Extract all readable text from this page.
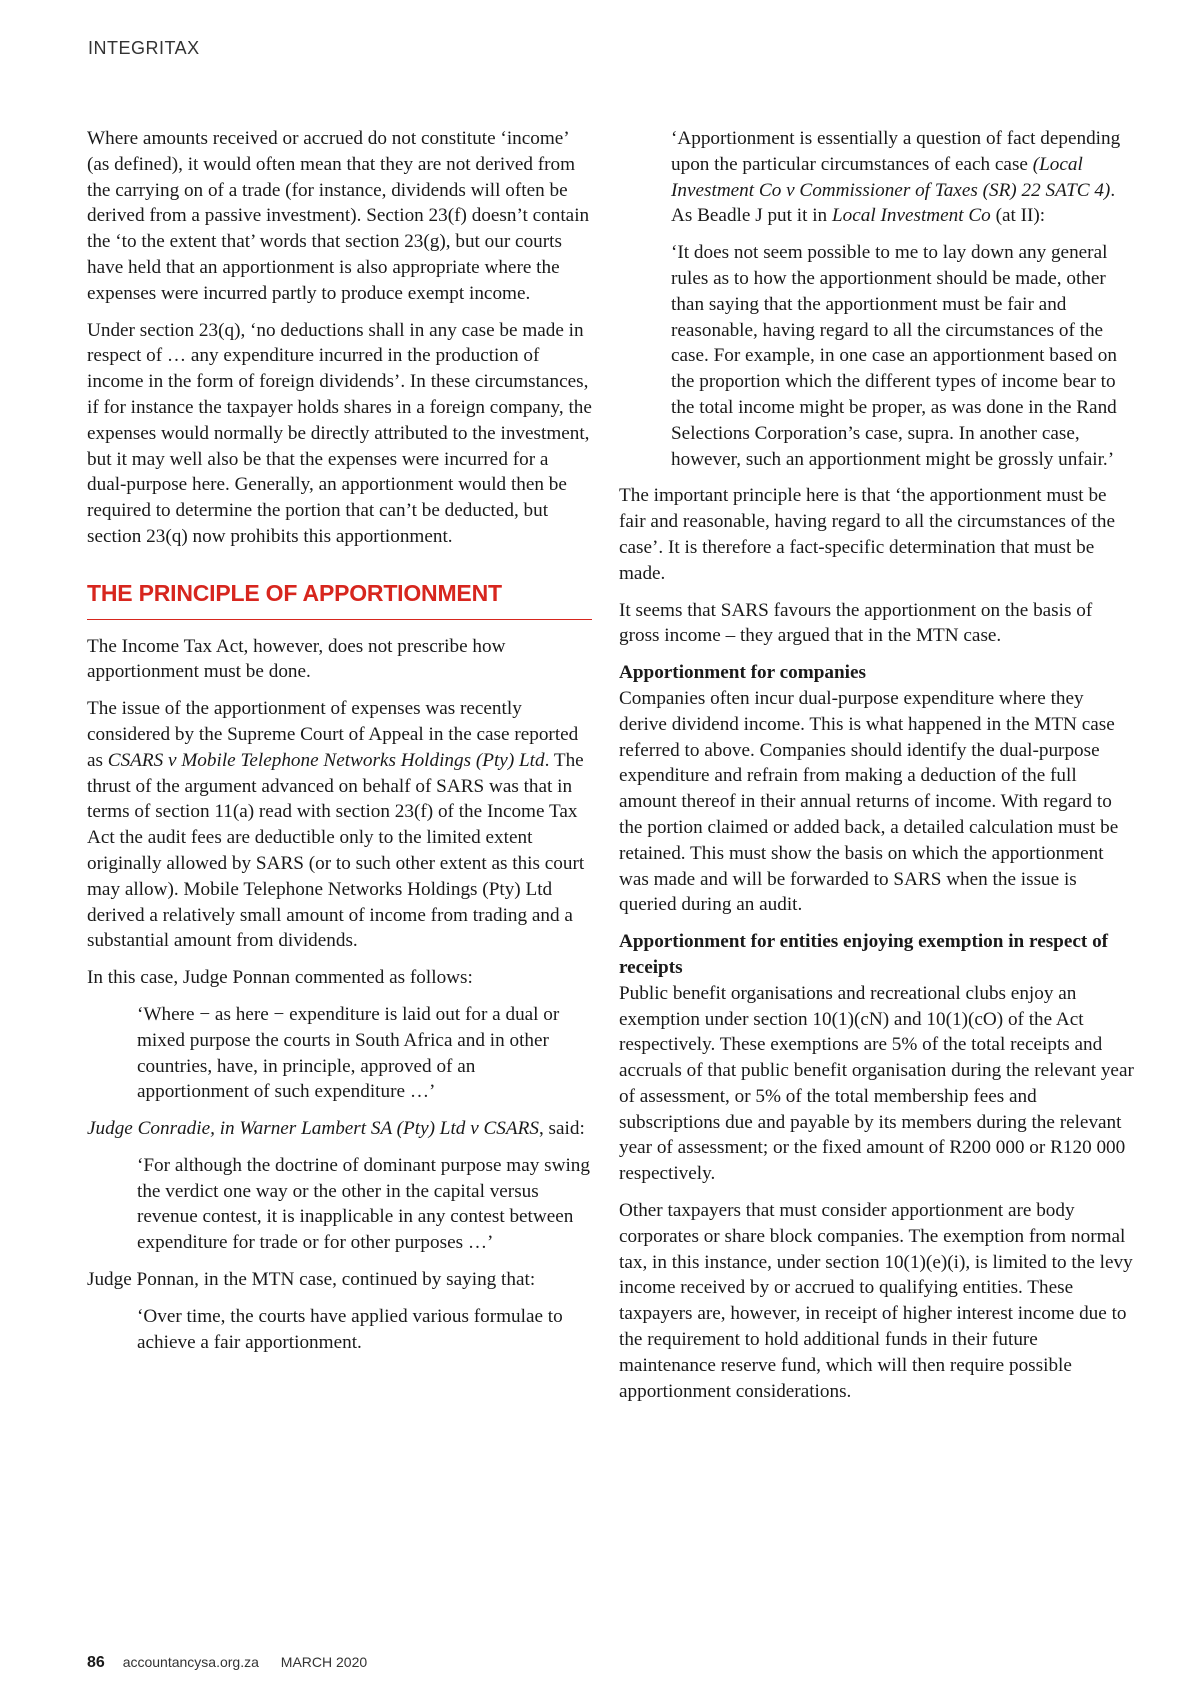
INTEGRITAX

Where amounts received or accrued do not constitute ‘income’ (as defined), it would often mean that they are not derived from the carrying on of a trade (for instance, dividends will often be derived from a passive investment). Section 23(f) doesn’t contain the ‘to the extent that’ words that section 23(g), but our courts have held that an apportionment is also appropriate where the expenses were incurred partly to produce exempt income.

Under section 23(q), ‘no deductions shall in any case be made in respect of … any expenditure incurred in the production of income in the form of foreign dividends’. In these circumstances, if for instance the taxpayer holds shares in a foreign company, the expenses would normally be directly attributed to the investment, but it may well also be that the expenses were incurred for a dual-purpose here. Generally, an apportionment would then be required to determine the portion that can’t be deducted, but section 23(q) now prohibits this apportionment.

THE PRINCIPLE OF APPORTIONMENT

The Income Tax Act, however, does not prescribe how apportionment must be done.

The issue of the apportionment of expenses was recently considered by the Supreme Court of Appeal in the case reported as CSARS v Mobile Telephone Networks Holdings (Pty) Ltd. The thrust of the argument advanced on behalf of SARS was that in terms of section 11(a) read with section 23(f) of the Income Tax Act the audit fees are deductible only to the limited extent originally allowed by SARS (or to such other extent as this court may allow). Mobile Telephone Networks Holdings (Pty) Ltd derived a relatively small amount of income from trading and a substantial amount from dividends.

In this case, Judge Ponnan commented as follows:

‘Where − as here − expenditure is laid out for a dual or mixed purpose the courts in South Africa and in other countries, have, in principle, approved of an apportionment of such expenditure …’

Judge Conradie, in Warner Lambert SA (Pty) Ltd v CSARS, said:

‘For although the doctrine of dominant purpose may swing the verdict one way or the other in the capital versus revenue contest, it is inapplicable in any contest between expenditure for trade or for other purposes …’

Judge Ponnan, in the MTN case, continued by saying that:

‘Over time, the courts have applied various formulae to achieve a fair apportionment.

‘Apportionment is essentially a question of fact depending upon the particular circumstances of each case (Local Investment Co v Commissioner of Taxes (SR) 22 SATC 4). As Beadle J put it in Local Investment Co (at II):

‘It does not seem possible to me to lay down any general rules as to how the apportionment should be made, other than saying that the apportionment must be fair and reasonable, having regard to all the circumstances of the case. For example, in one case an apportionment based on the proportion which the different types of income bear to the total income might be proper, as was done in the Rand Selections Corporation’s case, supra. In another case, however, such an apportionment might be grossly unfair.’

The important principle here is that ‘the apportionment must be fair and reasonable, having regard to all the circumstances of the case’. It is therefore a fact-specific determination that must be made.

It seems that SARS favours the apportionment on the basis of gross income – they argued that in the MTN case.

Apportionment for companies
Companies often incur dual-purpose expenditure where they derive dividend income. This is what happened in the MTN case referred to above. Companies should identify the dual-purpose expenditure and refrain from making a deduction of the full amount thereof in their annual returns of income. With regard to the portion claimed or added back, a detailed calculation must be retained. This must show the basis on which the apportionment was made and will be forwarded to SARS when the issue is queried during an audit.

Apportionment for entities enjoying exemption in respect of receipts
Public benefit organisations and recreational clubs enjoy an exemption under section 10(1)(cN) and 10(1)(cO) of the Act respectively. These exemptions are 5% of the total receipts and accruals of that public benefit organisation during the relevant year of assessment, or 5% of the total membership fees and subscriptions due and payable by its members during the relevant year of assessment; or the fixed amount of R200 000 or R120 000 respectively.

Other taxpayers that must consider apportionment are body corporates or share block companies. The exemption from normal tax, in this instance, under section 10(1)(e)(i), is limited to the levy income received by or accrued to qualifying entities. These taxpayers are, however, in receipt of higher interest income due to the requirement to hold additional funds in their future maintenance reserve fund, which will then require possible apportionment considerations.

86 accountancysa.org.za MARCH 2020
